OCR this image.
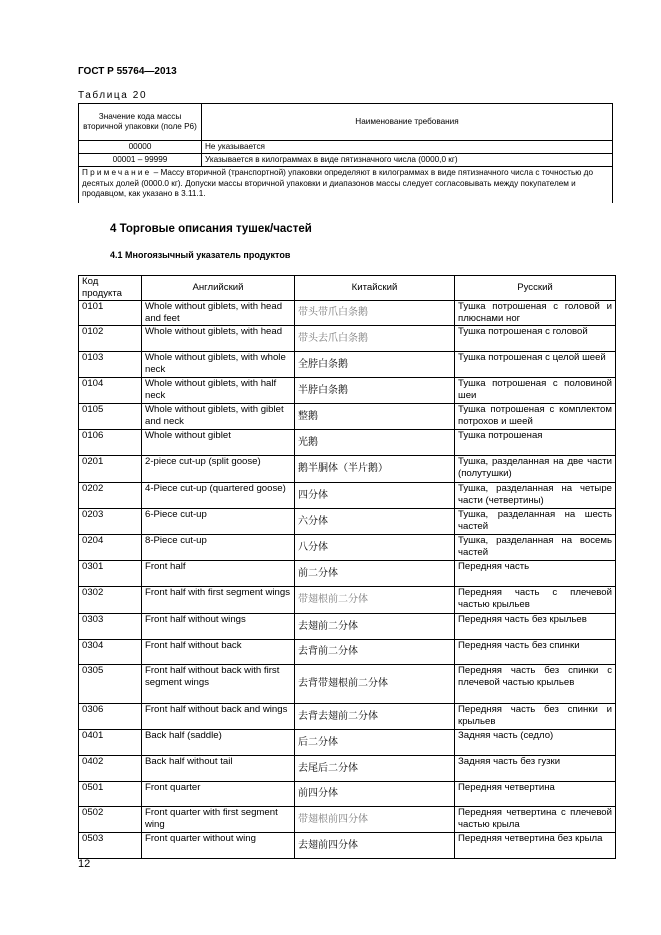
ГОСТ Р 55764—2013
Таблица 20
Значение кода массы вторичной упаковки (поле Р6)	Наименование требования
00000	Не указывается
00001 – 99999	Указывается в килограммах в виде пятизначного числа (0000,0 кг)
Примечание – Массу вторичной (транспортной) упаковки определяют в килограммах в виде пятизначного числа с точностью до десятых долей (0000.0 кг). Допуски массы вторичной упаковки и диапазонов массы следует согласовывать между покупателем и продавцом, как указано в 3.11.1.	
4 Торговые описания тушек/частей
4.1 Многоязычный указатель продуктов
Код продукта	Английский	Китайский	Русский
0101	Whole without giblets, with head and feet	带头带爪白条鹅	Тушка потрошеная с головой и плюснами ног
0102	Whole without giblets, with head	带头去爪白条鹅	Тушка потрошеная с головой
0103	Whole without giblets, with whole neck	全脖白条鹅	Тушка потрошеная с целой шеей
0104	Whole without giblets, with half neck	半脖白条鹅	Тушка потрошеная с половиной шеи
0105	Whole without giblets, with giblet and neck	整鹅	Тушка потрошеная с комплектом потрохов и шеей
0106	Whole without giblet	光鹅	Тушка потрошеная
0201	2-piece cut-up (split goose)	鹅半胴体（半片鹅）	Тушка, разделанная на две части (полутушки)
0202	4-Piece cut-up (quartered goose)	四分体	Тушка, разделанная на четыре части (четвертины)
0203	6-Piece cut-up	六分体	Тушка, разделанная на шесть частей
0204	8-Piece cut-up	八分体	Тушка, разделанная на восемь частей
0301	Front half	前二分体	Передняя часть
0302	Front half with first segment wings	带翅根前二分体	Передняя часть с плечевой частью крыльев
0303	Front half without wings	去翅前二分体	Передняя часть без крыльев
0304	Front half without back	去背前二分体	Передняя часть без спинки
0305	Front half without back with first segment wings	去背带翅根前二分体	Передняя часть без спинки с плечевой частью крыльев
0306	Front half without back and wings	去背去翅前二分体	Передняя часть без спинки и крыльев
0401	Back half (saddle)	后二分体	Задняя часть (седло)
0402	Back half without tail	去尾后二分体	Задняя часть без гузки
0501	Front quarter	前四分体	Передняя четвертина
0502	Front quarter with first segment wing	带翅根前四分体	Передняя четвертина с плечевой частью крыла
0503	Front quarter without wing	去翅前四分体	Передняя четвертина без крыла
12
